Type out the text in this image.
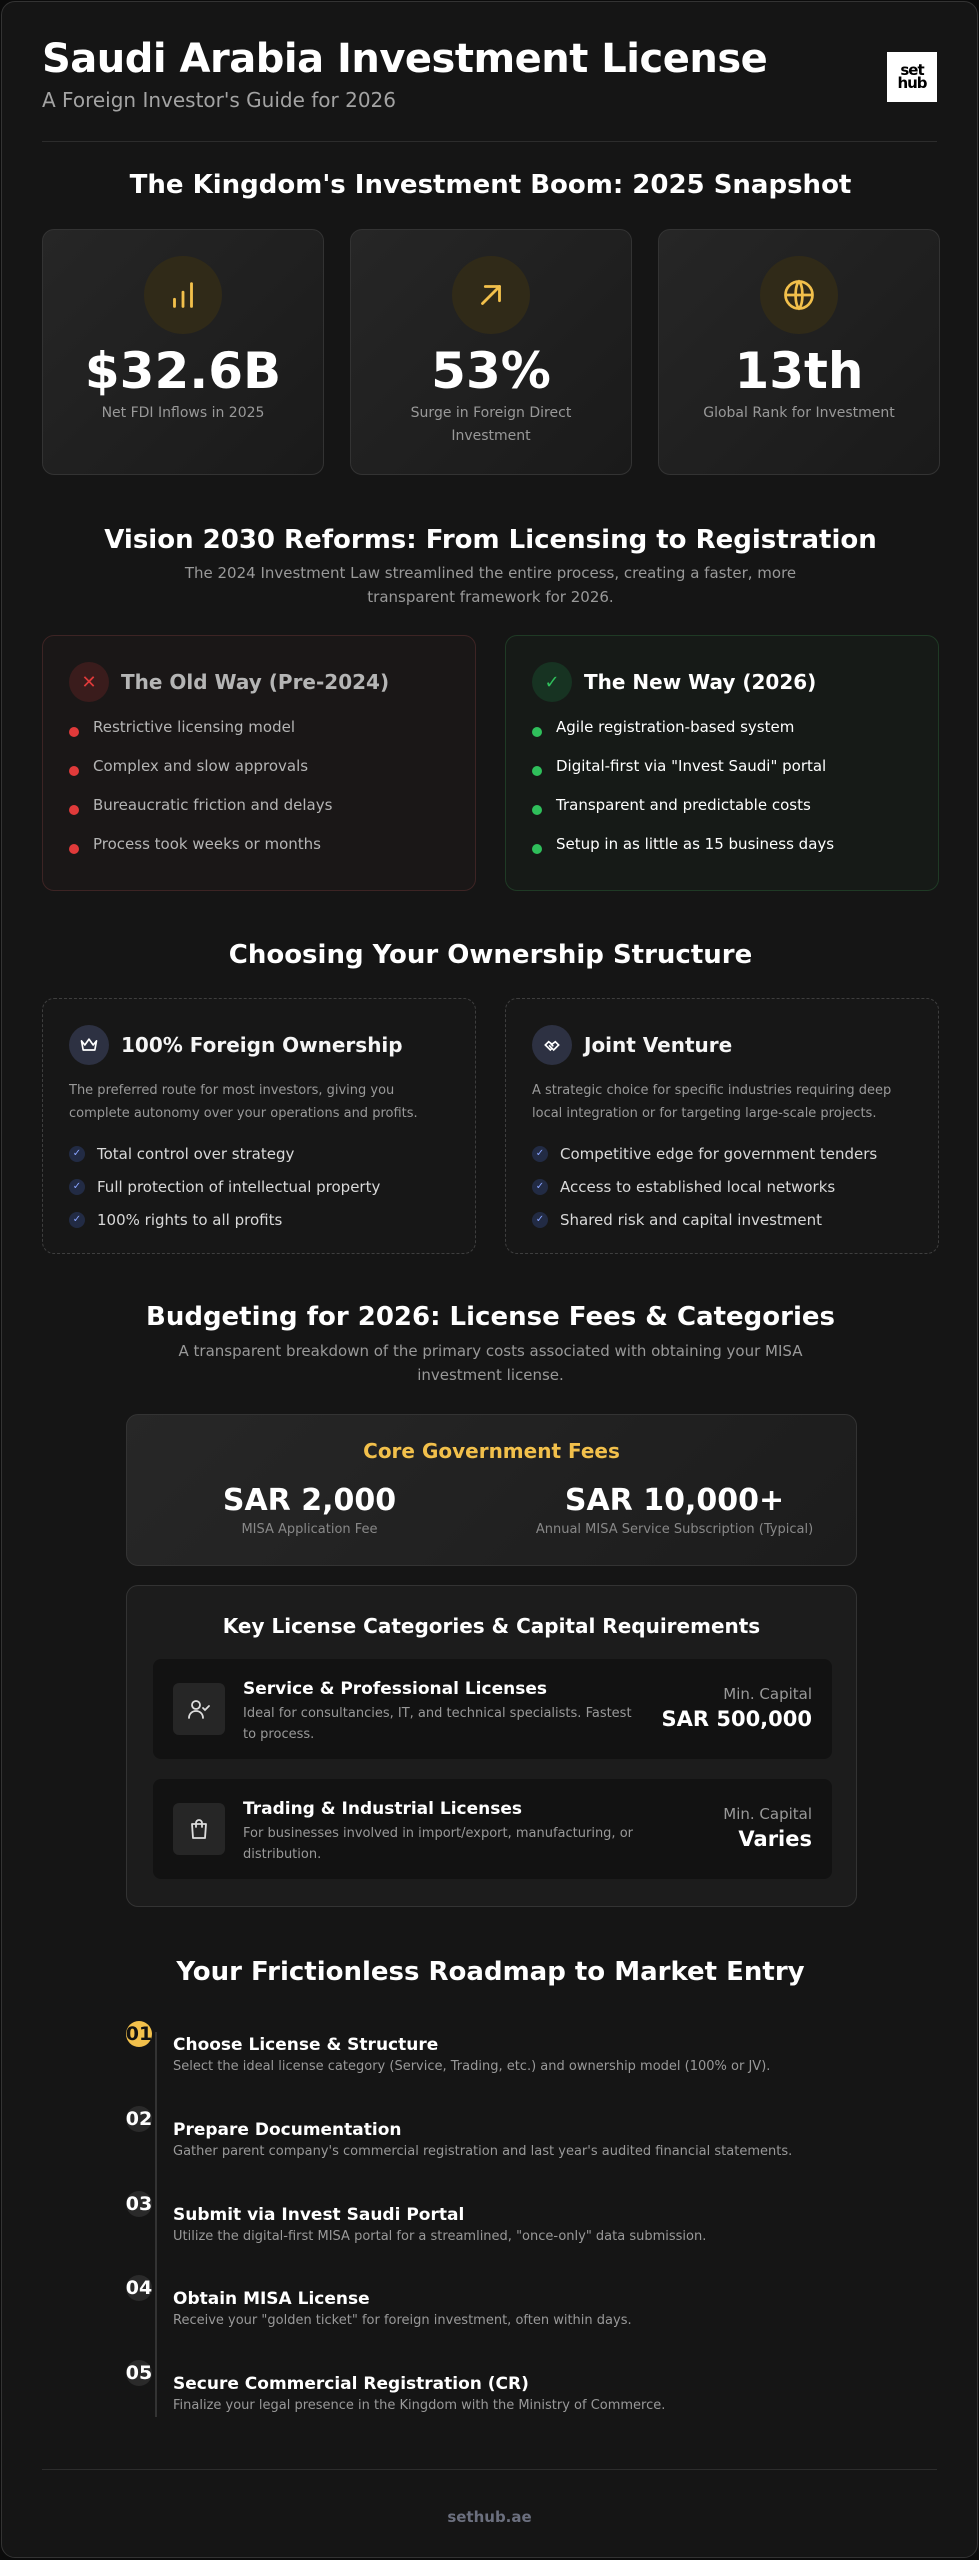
Saudi Arabia Investment License
A Foreign Investor's Guide for 2026
set
hub
The Kingdom's Investment Boom: 2025 Snapshot
$32.6B
Net FDI Inflows in 2025
53%
Surge in Foreign Direct Investment
13th
Global Rank for Investment
Vision 2030 Reforms: From Licensing to Registration
The 2024 Investment Law streamlined the entire process, creating a faster, more transparent framework for 2026.
✕	The Old Way (Pre-2024)
Restrictive licensing model
Complex and slow approvals
Bureaucratic friction and delays
Process took weeks or months
✓	The New Way (2026)
Agile registration-based system
Digital-first via "Invest Saudi" portal
Transparent and predictable costs
Setup in as little as 15 business days
Choosing Your Ownership Structure
100% Foreign Ownership
The preferred route for most investors, giving you complete autonomy over your operations and profits.
✓ Total control over strategy
✓ Full protection of intellectual property
✓ 100% rights to all profits
Joint Venture
A strategic choice for specific industries requiring deep local integration or for targeting large-scale projects.
✓ Competitive edge for government tenders
✓ Access to established local networks
✓ Shared risk and capital investment
Budgeting for 2026: License Fees & Categories
A transparent breakdown of the primary costs associated with obtaining your MISA investment license.
Core Government Fees
SAR 2,000
MISA Application Fee
SAR 10,000+
Annual MISA Service Subscription (Typical)
Key License Categories & Capital Requirements
Service & Professional Licenses
Ideal for consultancies, IT, and technical specialists. Fastest to process.
Min. Capital
SAR 500,000
Trading & Industrial Licenses
For businesses involved in import/export, manufacturing, or distribution.
Min. Capital
Varies
Your Frictionless Roadmap to Market Entry
01 Choose License & Structure
Select the ideal license category (Service, Trading, etc.) and ownership model (100% or JV).
02 Prepare Documentation
Gather parent company's commercial registration and last year's audited financial statements.
03 Submit via Invest Saudi Portal
Utilize the digital-first MISA portal for a streamlined, "once-only" data submission.
04 Obtain MISA License
Receive your "golden ticket" for foreign investment, often within days.
05 Secure Commercial Registration (CR)
Finalize your legal presence in the Kingdom with the Ministry of Commerce.
sethub.ae
